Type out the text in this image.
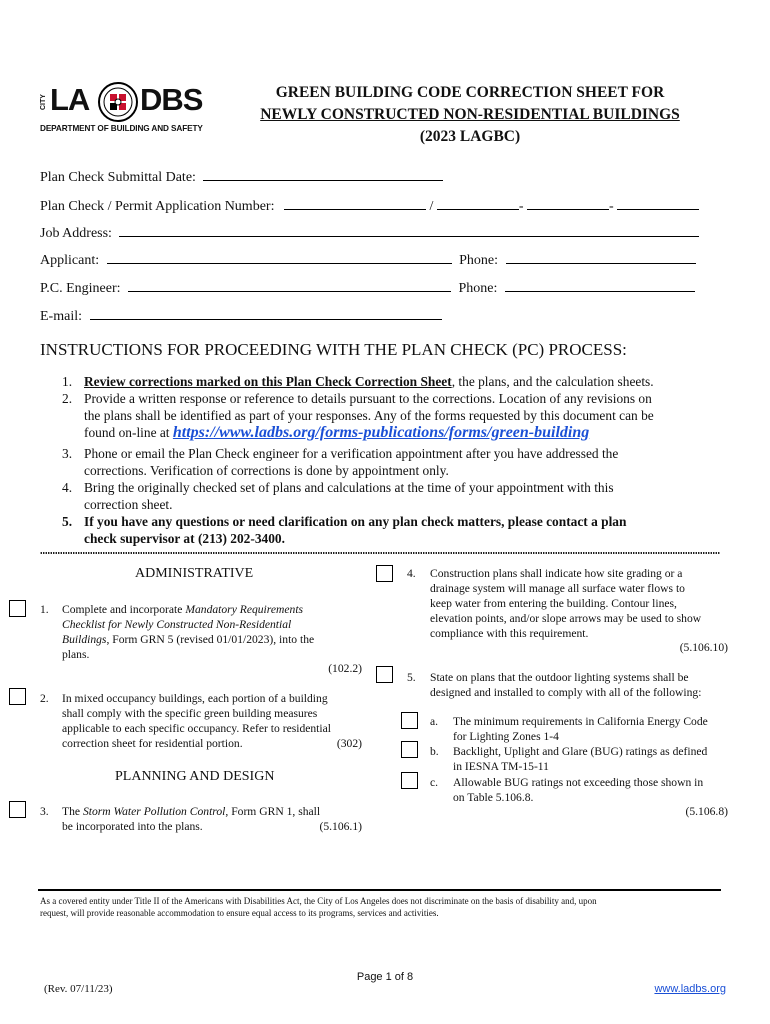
CITY LA DBS
DEPARTMENT OF BUILDING AND SAFETY
GREEN BUILDING CODE CORRECTION SHEET FOR
NEWLY CONSTRUCTED NON-RESIDENTIAL BUILDINGS
(2023 LAGBC)
Plan Check Submittal Date:
Plan Check / Permit Application Number:	/	-	-
Job Address:
Applicant:	Phone:
P.C. Engineer:	Phone:
E-mail:
INSTRUCTIONS FOR PROCEEDING WITH THE PLAN CHECK (PC) PROCESS:
1. Review corrections marked on this Plan Check Correction Sheet, the plans, and the calculation sheets.
2. Provide a written response or reference to details pursuant to the corrections. Location of any revisions on
the plans shall be identified as part of your responses. Any of the forms requested by this document can be
found on-line at https://www.ladbs.org/forms-publications/forms/green-building
3. Phone or email the Plan Check engineer for a verification appointment after you have addressed the
corrections. Verification of corrections is done by appointment only.
4. Bring the originally checked set of plans and calculations at the time of your appointment with this
correction sheet.
5. If you have any questions or need clarification on any plan check matters, please contact a plan
check supervisor at (213) 202-3400.
ADMINISTRATIVE
1. Complete and incorporate Mandatory Requirements
Checklist for Newly Constructed Non-Residential
Buildings, Form GRN 5 (revised 01/01/2023), into the
plans.
(102.2)
2. In mixed occupancy buildings, each portion of a building
shall comply with the specific green building measures
applicable to each specific occupancy. Refer to residential
correction sheet for residential portion.	(302)
PLANNING AND DESIGN
3. The Storm Water Pollution Control, Form GRN 1, shall
be incorporated into the plans.	(5.106.1)
4. Construction plans shall indicate how site grading or a
drainage system will manage all surface water flows to
keep water from entering the building. Contour lines,
elevation points, and/or slope arrows may be used to show
compliance with this requirement.
(5.106.10)
5. State on plans that the outdoor lighting systems shall be
designed and installed to comply with all of the following:
a. The minimum requirements in California Energy Code
for Lighting Zones 1-4
b. Backlight, Uplight and Glare (BUG) ratings as defined
in IESNA TM-15-11
c. Allowable BUG ratings not exceeding those shown in
on Table 5.106.8.
(5.106.8)
As a covered entity under Title II of the Americans with Disabilities Act, the City of Los Angeles does not discriminate on the basis of disability and, upon
request, will provide reasonable accommodation to ensure equal access to its programs, services and activities.
Page 1 of 8
(Rev. 07/11/23)	www.ladbs.org
